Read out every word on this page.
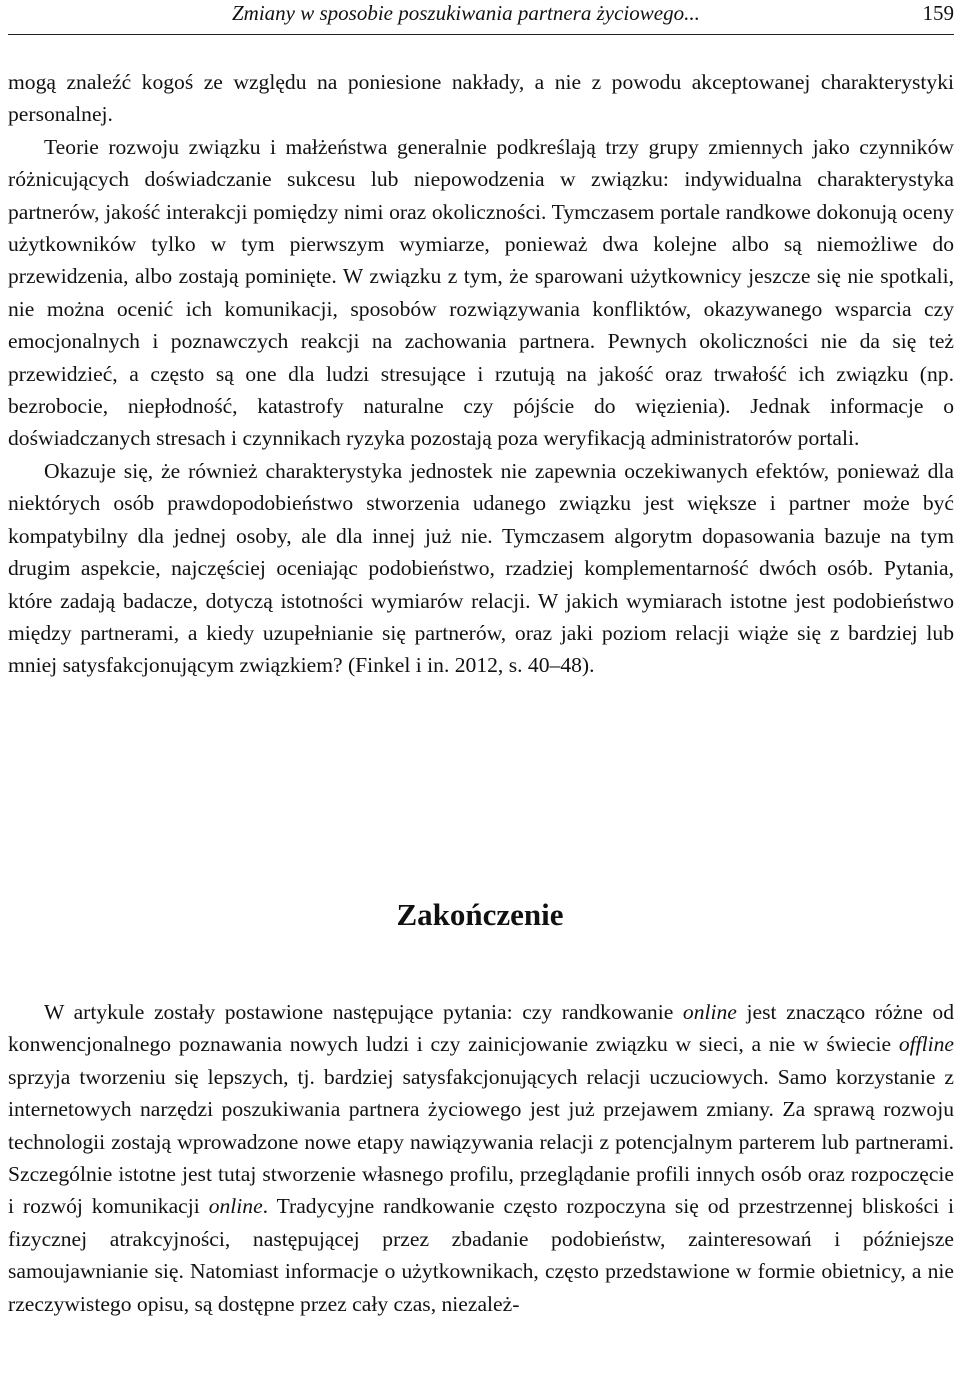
Zmiany w sposobie poszukiwania partnera życiowego...	159

mogą znaleźć kogoś ze względu na poniesione nakłady, a nie z powodu akceptowanej charakterystyki personalnej.

Teorie rozwoju związku i małżeństwa generalnie podkreślają trzy grupy zmiennych jako czynników różnicujących doświadczanie sukcesu lub niepowodzenia w związku: indywidualna charakterystyka partnerów, jakość interakcji pomiędzy nimi oraz okoliczności. Tymczasem portale randkowe dokonują oceny użytkowników tylko w tym pierwszym wymiarze, ponieważ dwa kolejne albo są niemożliwe do przewidzenia, albo zostają pominięte. W związku z tym, że sparowani użytkownicy jeszcze się nie spotkali, nie można ocenić ich komunikacji, sposobów rozwiązywania konfliktów, okazywanego wsparcia czy emocjonalnych i poznawczych reakcji na zachowania partnera. Pewnych okoliczności nie da się też przewidzieć, a często są one dla ludzi stresujące i rzutują na jakość oraz trwałość ich związku (np. bezrobocie, niepłodność, katastrofy naturalne czy pójście do więzienia). Jednak informacje o doświadczanych stresach i czynnikach ryzyka pozostają poza weryfikacją administratorów portali.

Okazuje się, że również charakterystyka jednostek nie zapewnia oczekiwanych efektów, ponieważ dla niektórych osób prawdopodobieństwo stworzenia udanego związku jest większe i partner może być kompatybilny dla jednej osoby, ale dla innej już nie. Tymczasem algorytm dopasowania bazuje na tym drugim aspekcie, najczęściej oceniając podobieństwo, rzadziej komplementarność dwóch osób. Pytania, które zadają badacze, dotyczą istotności wymiarów relacji. W jakich wymiarach istotne jest podobieństwo między partnerami, a kiedy uzupełnianie się partnerów, oraz jaki poziom relacji wiąże się z bardziej lub mniej satysfakcjonującym związkiem? (Finkel i in. 2012, s. 40–48).

Zakończenie

W artykule zostały postawione następujące pytania: czy randkowanie online jest znacząco różne od konwencjonalnego poznawania nowych ludzi i czy zainicjowanie związku w sieci, a nie w świecie offline sprzyja tworzeniu się lepszych, tj. bardziej satysfakcjonujących relacji uczuciowych. Samo korzystanie z internetowych narzędzi poszukiwania partnera życiowego jest już przejawem zmiany. Za sprawą rozwoju technologii zostają wprowadzone nowe etapy nawiązywania relacji z potencjalnym parterem lub partnerami. Szczególnie istotne jest tutaj stworzenie własnego profilu, przeglądanie profili innych osób oraz rozpoczęcie i rozwój komunikacji online. Tradycyjne randkowanie często rozpoczyna się od przestrzennej bliskości i fizycznej atrakcyjności, następującej przez zbadanie podobieństw, zainteresowań i późniejsze samoujawnianie się. Natomiast informacje o użytkownikach, często przedstawione w formie obietnicy, a nie rzeczywistego opisu, są dostępne przez cały czas, niezależ-
